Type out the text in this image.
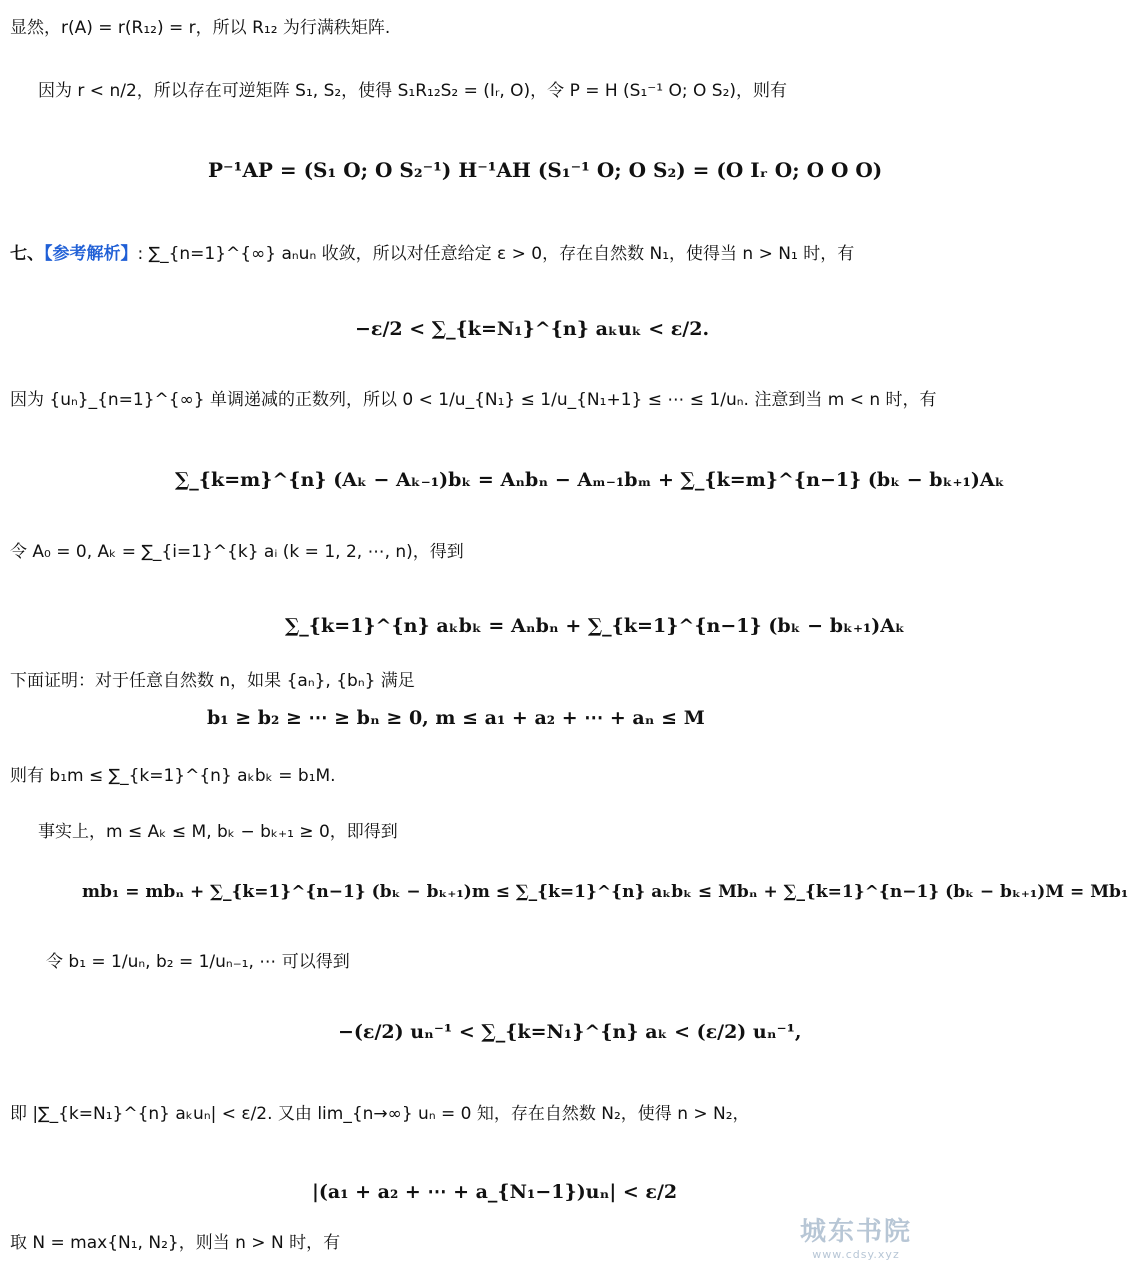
显然，r(A) = r(R₁₂) = r，所以 R₁₂ 为行满秩矩阵.
因为 r < n/2，所以存在可逆矩阵 S₁, S₂，使得 S₁R₁₂S₂ = (Iᵣ, O)，令 P = H (S₁⁻¹ O; O S₂)，则有
P⁻¹AP = (S₁ O; O S₂⁻¹) H⁻¹AH (S₁⁻¹ O; O S₂) = (O Iᵣ O; O O O)
七、【参考解析】: ∑_{n=1}^{∞} aₙuₙ 收敛，所以对任意给定 ε > 0，存在自然数 N₁，使得当 n > N₁ 时，有
−ε/2 < ∑_{k=N₁}^{n} aₖuₖ < ε/2.
因为 {uₙ}_{n=1}^{∞} 单调递减的正数列，所以 0 < 1/u_{N₁} ≤ 1/u_{N₁+1} ≤ ⋯ ≤ 1/uₙ. 注意到当 m < n 时，有
∑_{k=m}^{n} (Aₖ − Aₖ₋₁)bₖ = Aₙbₙ − Aₘ₋₁bₘ + ∑_{k=m}^{n−1} (bₖ − bₖ₊₁)Aₖ
令 A₀ = 0, Aₖ = ∑_{i=1}^{k} aᵢ (k = 1, 2, ⋯, n)，得到
∑_{k=1}^{n} aₖbₖ = Aₙbₙ + ∑_{k=1}^{n−1} (bₖ − bₖ₊₁)Aₖ
下面证明：对于任意自然数 n，如果 {aₙ}, {bₙ} 满足
b₁ ≥ b₂ ≥ ⋯ ≥ bₙ ≥ 0, m ≤ a₁ + a₂ + ⋯ + aₙ ≤ M
则有 b₁m ≤ ∑_{k=1}^{n} aₖbₖ = b₁M.
事实上，m ≤ Aₖ ≤ M, bₖ − bₖ₊₁ ≥ 0，即得到
mb₁ = mbₙ + ∑_{k=1}^{n−1} (bₖ − bₖ₊₁)m ≤ ∑_{k=1}^{n} aₖbₖ ≤ Mbₙ + ∑_{k=1}^{n−1} (bₖ − bₖ₊₁)M = Mb₁
令 b₁ = 1/uₙ, b₂ = 1/uₙ₋₁, ⋯ 可以得到
−(ε/2) uₙ⁻¹ < ∑_{k=N₁}^{n} aₖ < (ε/2) uₙ⁻¹,
即 |∑_{k=N₁}^{n} aₖuₙ| < ε/2. 又由 lim_{n→∞} uₙ = 0 知，存在自然数 N₂，使得 n > N₂，
|(a₁ + a₂ + ⋯ + a_{N₁−1})uₙ| < ε/2
取 N = max{N₁, N₂}，则当 n > N 时，有	城东书院
www.cdsy.xyz
